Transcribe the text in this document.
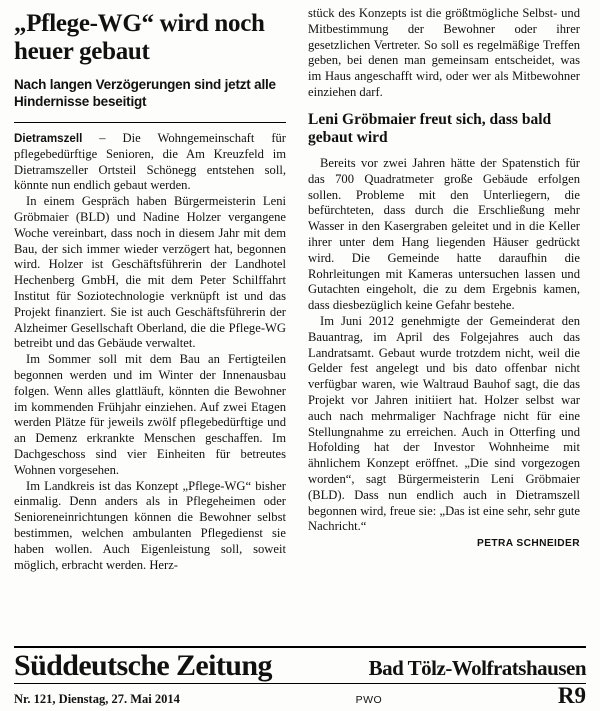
„Pflege-WG“ wird noch heuer gebaut
Nach langen Verzögerungen sind jetzt alle Hindernisse beseitigt

Dietramszell – Die Wohngemeinschaft für pflegebedürftige Senioren, die Am Kreuzfeld im Dietramszeller Ortsteil Schönegg entstehen soll, könnte nun endlich gebaut werden.

In einem Gespräch haben Bürgermeisterin Leni Gröbmaier (BLD) und Nadine Holzer vergangene Woche vereinbart, dass noch in diesem Jahr mit dem Bau, der sich immer wieder verzögert hat, begonnen wird. Holzer ist Geschäftsführerin der Landhotel Hechenberg GmbH, die mit dem Peter Schilffahrt Institut für Soziotechnologie verknüpft ist und das Projekt finanziert. Sie ist auch Geschäftsführerin der Alzheimer Gesellschaft Oberland, die die Pflege-WG betreibt und das Gebäude verwaltet.

Im Sommer soll mit dem Bau an Fertigteilen begonnen werden und im Winter der Innenausbau folgen. Wenn alles glattläuft, könnten die Bewohner im kommenden Frühjahr einziehen. Auf zwei Etagen werden Plätze für jeweils zwölf pflegebedürftige und an Demenz erkrankte Menschen geschaffen. Im Dachgeschoss sind vier Einheiten für betreutes Wohnen vorgesehen.

Im Landkreis ist das Konzept „Pflege-WG“ bisher einmalig. Denn anders als in Pflegeheimen oder Senioreneinrichtungen können die Bewohner selbst bestimmen, welchen ambulanten Pflegedienst sie haben wollen. Auch Eigenleistung soll, soweit möglich, erbracht werden. Herz-

stück des Konzepts ist die größtmögliche Selbst- und Mitbestimmung der Bewohner oder ihrer gesetzlichen Vertreter. So soll es regelmäßige Treffen geben, bei denen man gemeinsam entscheidet, was im Haus angeschafft wird, oder wer als Mitbewohner einziehen darf.

Leni Gröbmaier freut sich, dass bald gebaut wird

Bereits vor zwei Jahren hätte der Spatenstich für das 700 Quadratmeter große Gebäude erfolgen sollen. Probleme mit den Unterliegern, die befürchteten, dass durch die Erschließung mehr Wasser in den Kasergraben geleitet und in die Keller ihrer unter dem Hang liegenden Häuser gedrückt wird. Die Gemeinde hatte daraufhin die Rohrleitungen mit Kameras untersuchen lassen und Gutachten eingeholt, die zu dem Ergebnis kamen, dass diesbezüglich keine Gefahr bestehe.

Im Juni 2012 genehmigte der Gemeinderat den Bauantrag, im April des Folgejahres auch das Landratsamt. Gebaut wurde trotzdem nicht, weil die Gelder fest angelegt und bis dato offenbar nicht verfügbar waren, wie Waltraud Bauhof sagt, die das Projekt vor Jahren initiiert hat. Holzer selbst war auch nach mehrmaliger Nachfrage nicht für eine Stellungnahme zu erreichen. Auch in Otterfing und Hofolding hat der Investor Wohnheime mit ähnlichem Konzept eröffnet. „Die sind vorgezogen worden“, sagt Bürgermeisterin Leni Gröbmaier (BLD). Dass nun endlich auch in Dietramszell begonnen wird, freue sie: „Das ist eine sehr, sehr gute Nachricht.“

PETRA SCHNEIDER
Süddeutsche Zeitung	Bad Tölz-Wolfratshausen
Nr. 121, Dienstag, 27. Mai 2014	PWO	R9
